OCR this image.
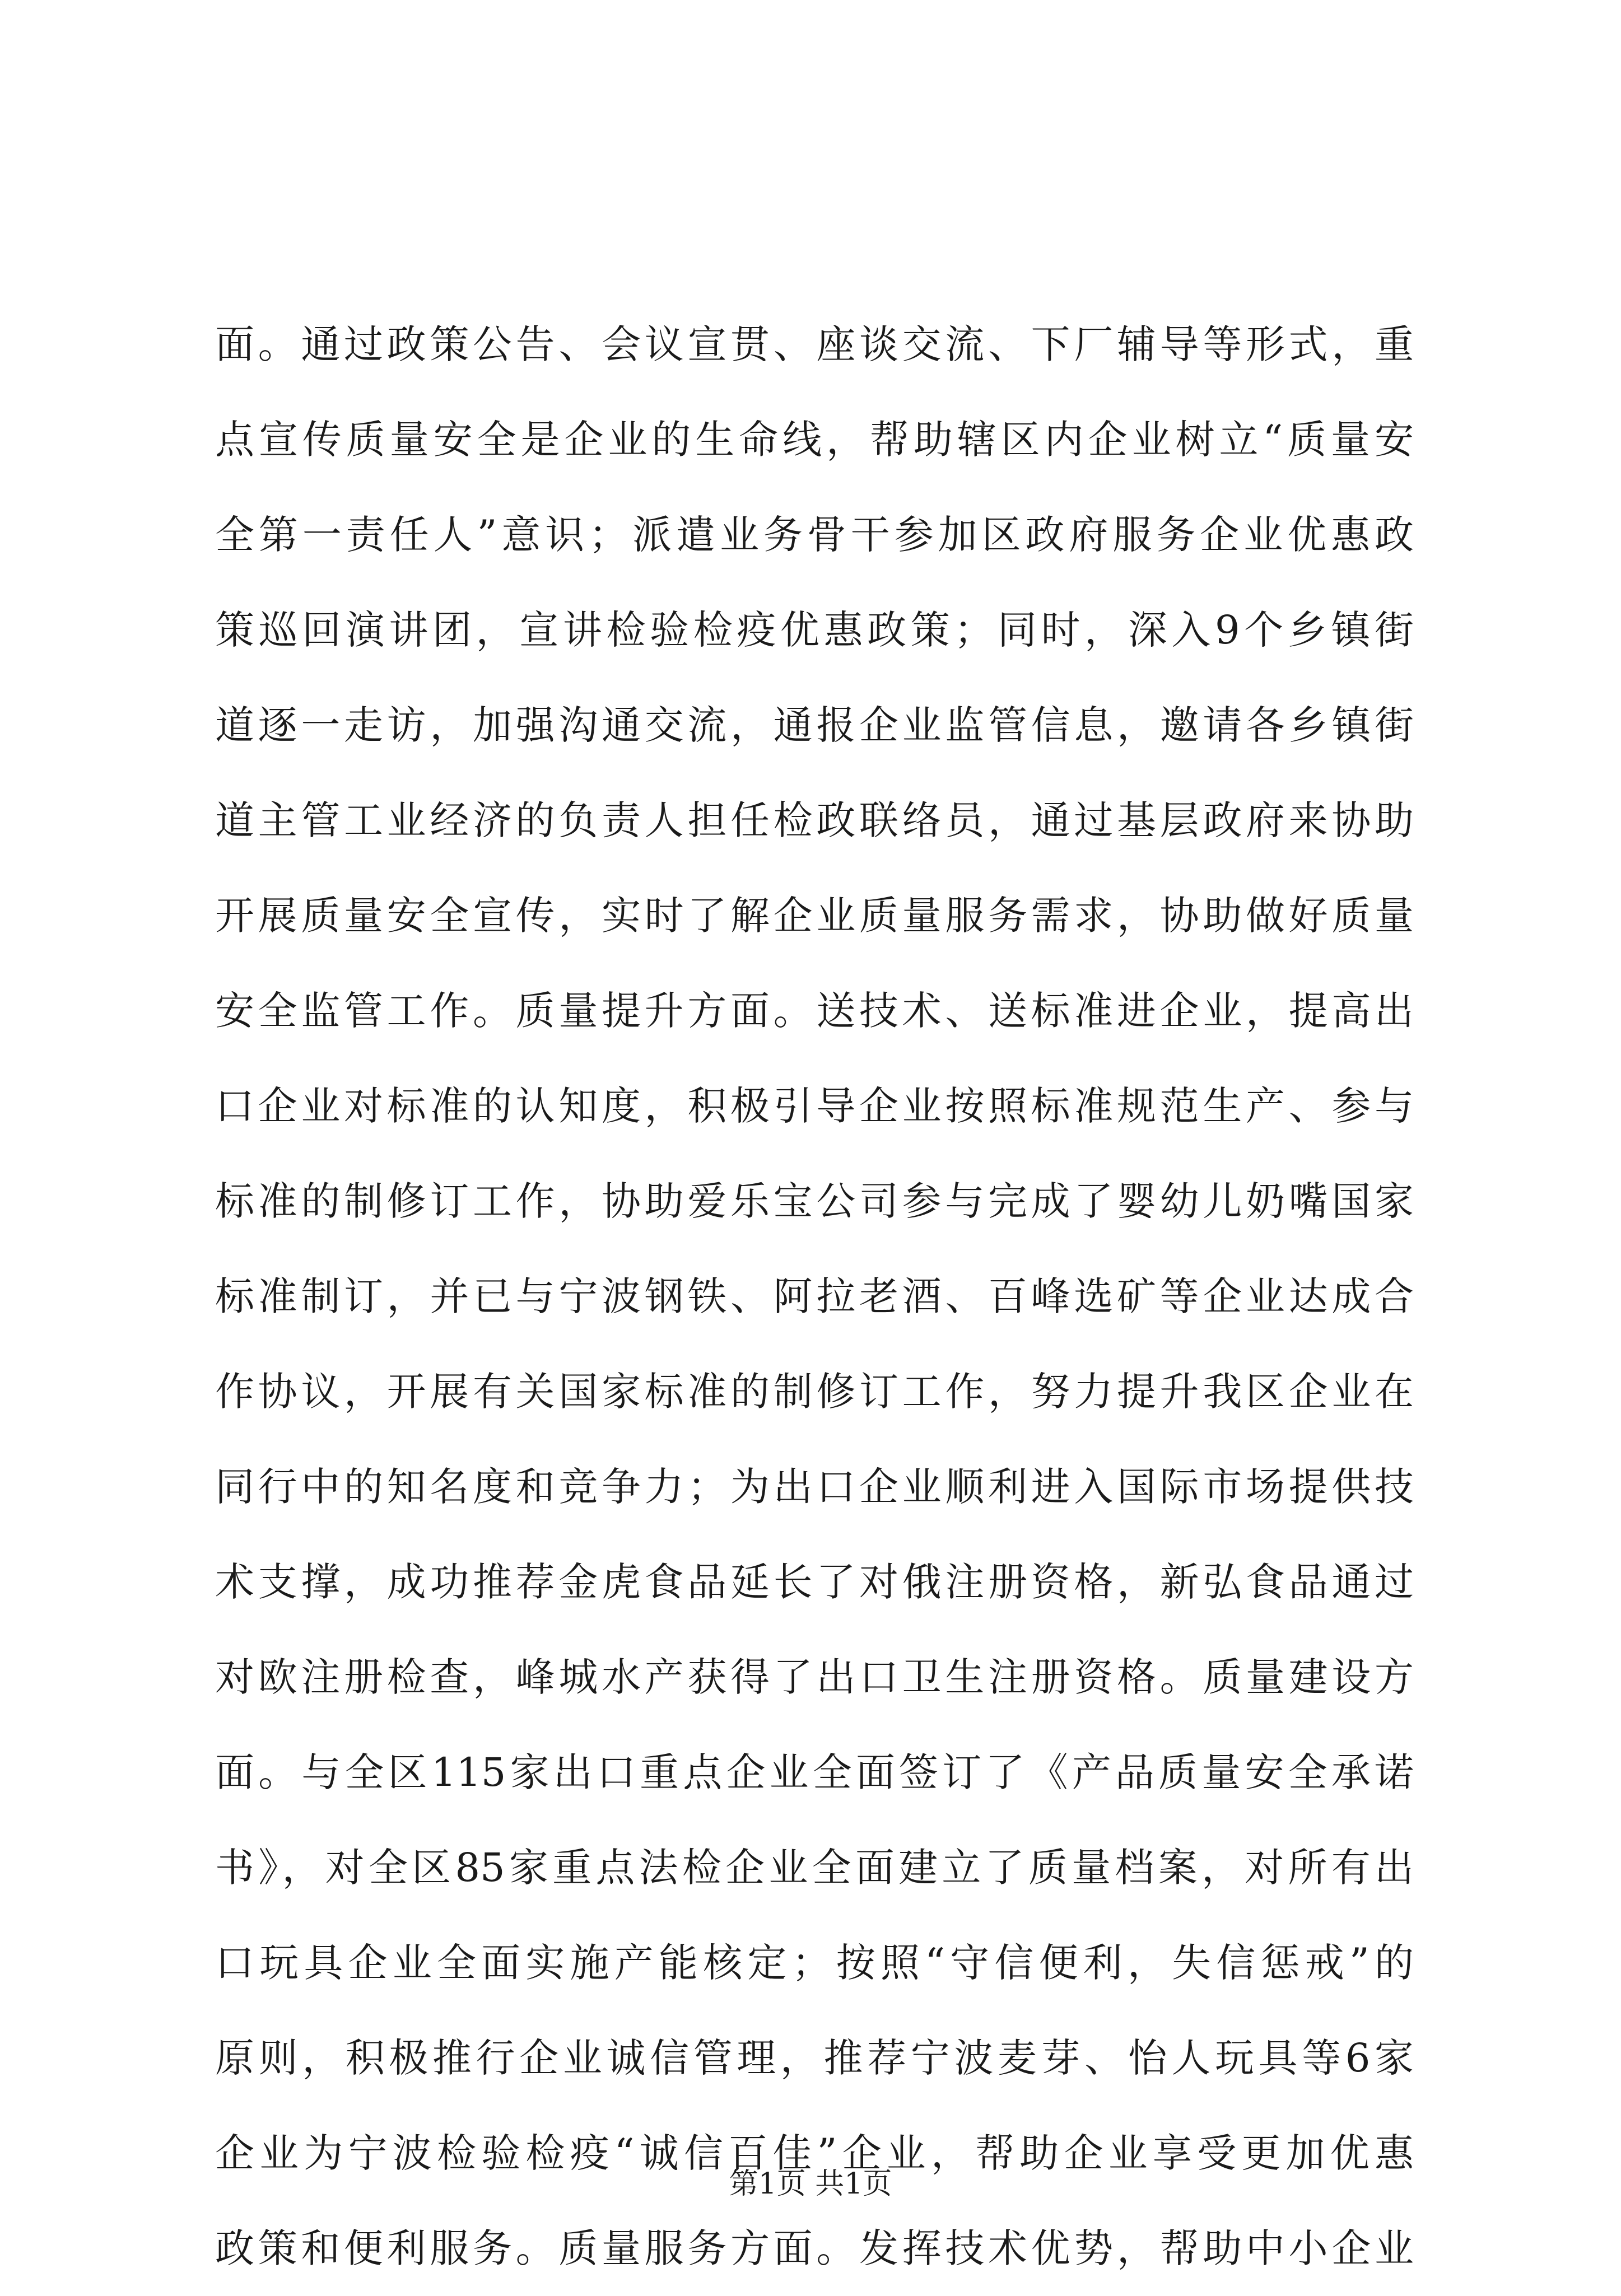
面。通过政策公告、会议宣贯、座谈交流、下厂辅导等形式，重
点宣传质量安全是企业的生命线，帮助辖区内企业树立“质量安
全第一责任人”意识；派遣业务骨干参加区政府服务企业优惠政
策巡回演讲团，宣讲检验检疫优惠政策；同时，深入9个乡镇街
道逐一走访，加强沟通交流，通报企业监管信息，邀请各乡镇街
道主管工业经济的负责人担任检政联络员，通过基层政府来协助
开展质量安全宣传，实时了解企业质量服务需求，协助做好质量
安全监管工作。质量提升方面。送技术、送标准进企业，提高出
口企业对标准的认知度，积极引导企业按照标准规范生产、参与
标准的制修订工作，协助爱乐宝公司参与完成了婴幼儿奶嘴国家
标准制订，并已与宁波钢铁、阿拉老酒、百峰选矿等企业达成合
作协议，开展有关国家标准的制修订工作，努力提升我区企业在
同行中的知名度和竞争力；为出口企业顺利进入国际市场提供技
术支撑，成功推荐金虎食品延长了对俄注册资格，新弘食品通过
对欧注册检查，峰城水产获得了出口卫生注册资格。质量建设方
面。与全区115家出口重点企业全面签订了《产品质量安全承诺
书》，对全区85家重点法检企业全面建立了质量档案，对所有出
口玩具企业全面实施产能核定；按照“守信便利，失信惩戒”的
原则，积极推行企业诚信管理，推荐宁波麦芽、怡人玩具等6家
企业为宁波检验检疫“诚信百佳”企业，帮助企业享受更加优惠
政策和便利服务。质量服务方面。发挥技术优势，帮助中小企业
第1页 共1页
